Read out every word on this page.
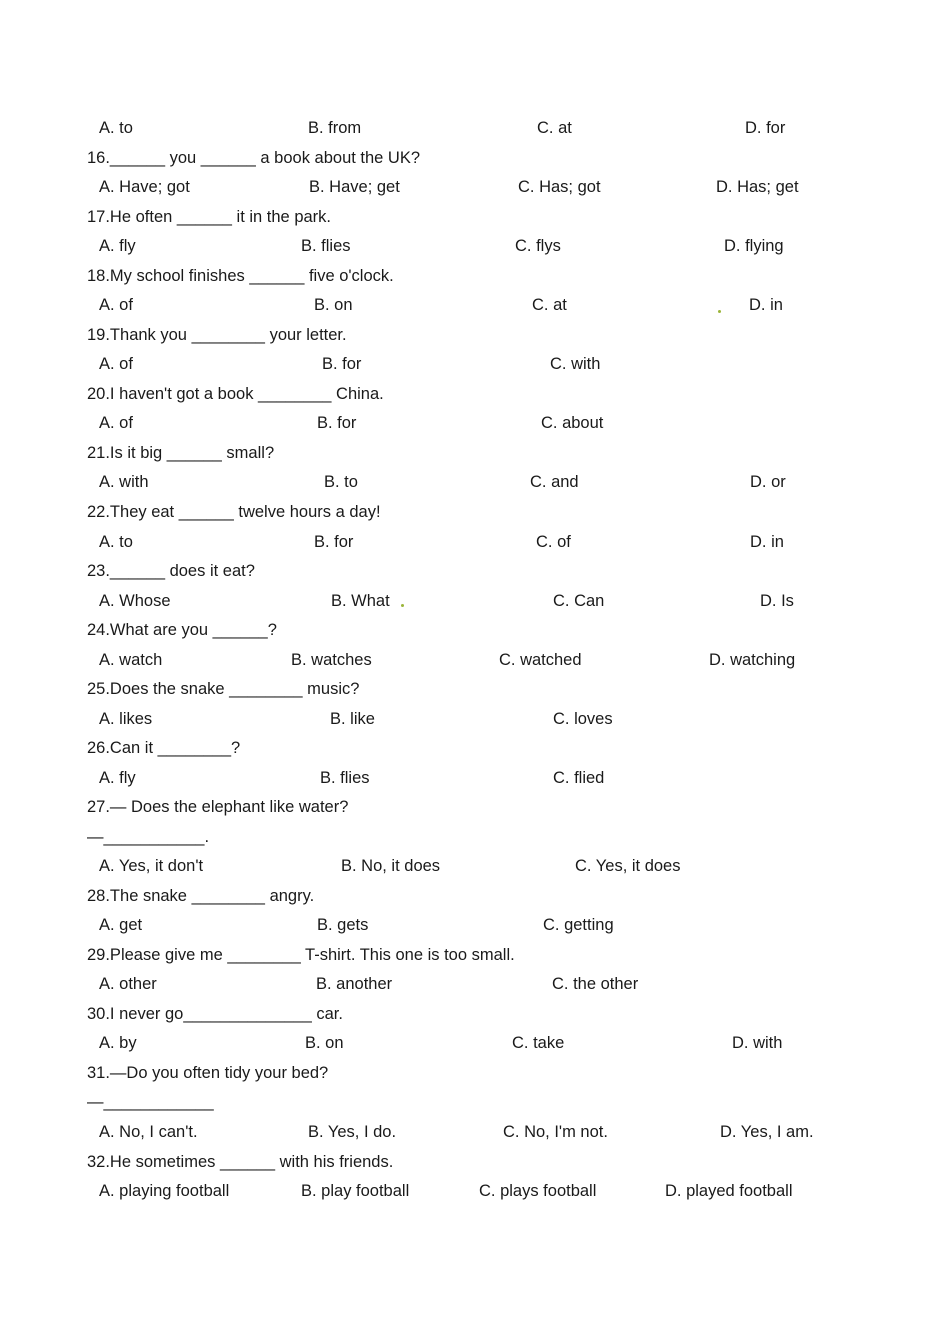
A. to	B. from	C. at	D. for
16.______ you ______ a book about the UK?
A. Have; got	B. Have; get	C. Has; got	D. Has; get
17.He often ______ it in the park.
A. fly	B. flies	C. flys	D. flying
18.My school finishes ______ five o'clock.
A. of	B. on	C. at	D. in
19.Thank you ________ your letter.
A. of	B. for	C. with
20.I haven't got a book ________ China.
A. of	B. for	C. about
21.Is it big ______ small?
A. with	B. to	C. and	D. or
22.They eat ______ twelve hours a day!
A. to	B. for	C. of	D. in
23.______ does it eat?
A. Whose	B. What	C. Can	D. Is
24.What are you ______?
A. watch	B. watches	C. watched	D. watching
25.Does the snake ________ music?
A. likes	B. like	C. loves
26.Can it ________?
A. fly	B. flies	C. flied
27.— Does the elephant like water?
—___________.
A. Yes, it don't	B. No, it does	C. Yes, it does
28.The snake ________ angry.
A. get	B. gets	C. getting
29.Please give me ________ T-shirt. This one is too small.
A. other	B. another	C. the other
30.I never go______________ car.
A. by	B. on	C. take	D. with
31.—Do you often tidy your bed?
—____________
A. No, I can't.	B. Yes, I do.	C. No, I'm not.	D. Yes, I am.
32.He sometimes ______ with his friends.
A. playing football	B. play football	C. plays football	D. played football
